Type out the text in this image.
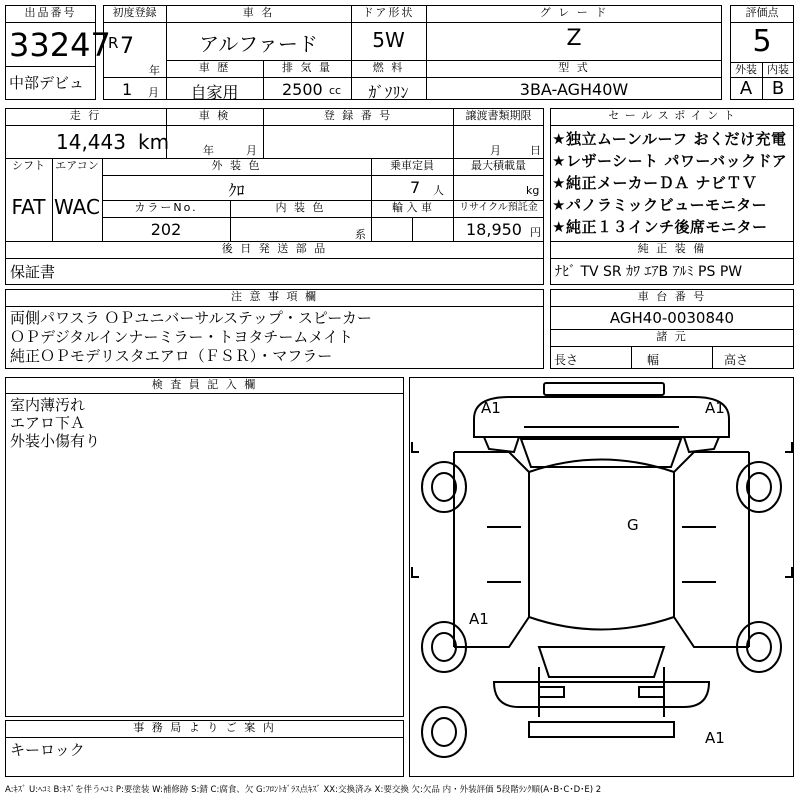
出品番号
33247
中部デビュ
初度登録
R 7
年
1 月
車 名
アルファード
ドア形状
5W
グ レ ー ド
Z
車 歴
自家用
排 気 量
2500 cc
燃 料
ｶﾞｿﾘﾝ
型 式
3BA-AGH40W
評価点
5
外装 内装
A	B
走 行
14,443 km
車 検
年	月
登 録 番 号	譲渡書類期限
月	日
シフト
FAT
エアコン
WAC
外 装 色
ｸﾛ
乗車定員
7 人
最大積載量
kg
カラーNo.
202
内 装 色
系
輸 入 車	リサイクル預託金
18,950 円
後 日 発 送 部 品
保証書
セ ー ル ス ポ イ ン ト
★独立ムーンルーフ おくだけ充電
★レザーシート パワーバックドア
★純正メーカーＤＡ ナビＴＶ
★パノラミックビューモニター
★純正１３インチ後席モニター
純 正 装 備
ﾅﾋﾞ TV SR ｶﾜ ｴｱB ｱﾙﾐ PS PW
注 意 事 項 欄
両側パワスラ ＯＰユニバーサルステップ・スピーカー
ＯＰデジタルインナーミラー・トヨタチームメイト
純正ＯＰモデリスタエアロ（ＦＳＲ）・マフラー
車 台 番 号
AGH40-0030840
諸 元
長さ	幅	高さ
検 査 員 記 入 欄
室内薄汚れ
エアロ下Ａ
外装小傷有り
事 務 局 よ り ご 案 内
キーロック
A1	A1
G
A1
A1
A:ｷｽﾞ U:ﾍｺﾐ B:ｷｽﾞを伴うﾍｺﾐ P:要塗装 W:補修跡 S:錆 C:腐食、欠 G:ﾌﾛﾝﾄｶﾞﾗｽ点ｷｽﾞ XX:交換済み X:要交換 欠:欠品 内・外装評価 5段階ﾗﾝｸ順(A･B･C･D･E) 2
